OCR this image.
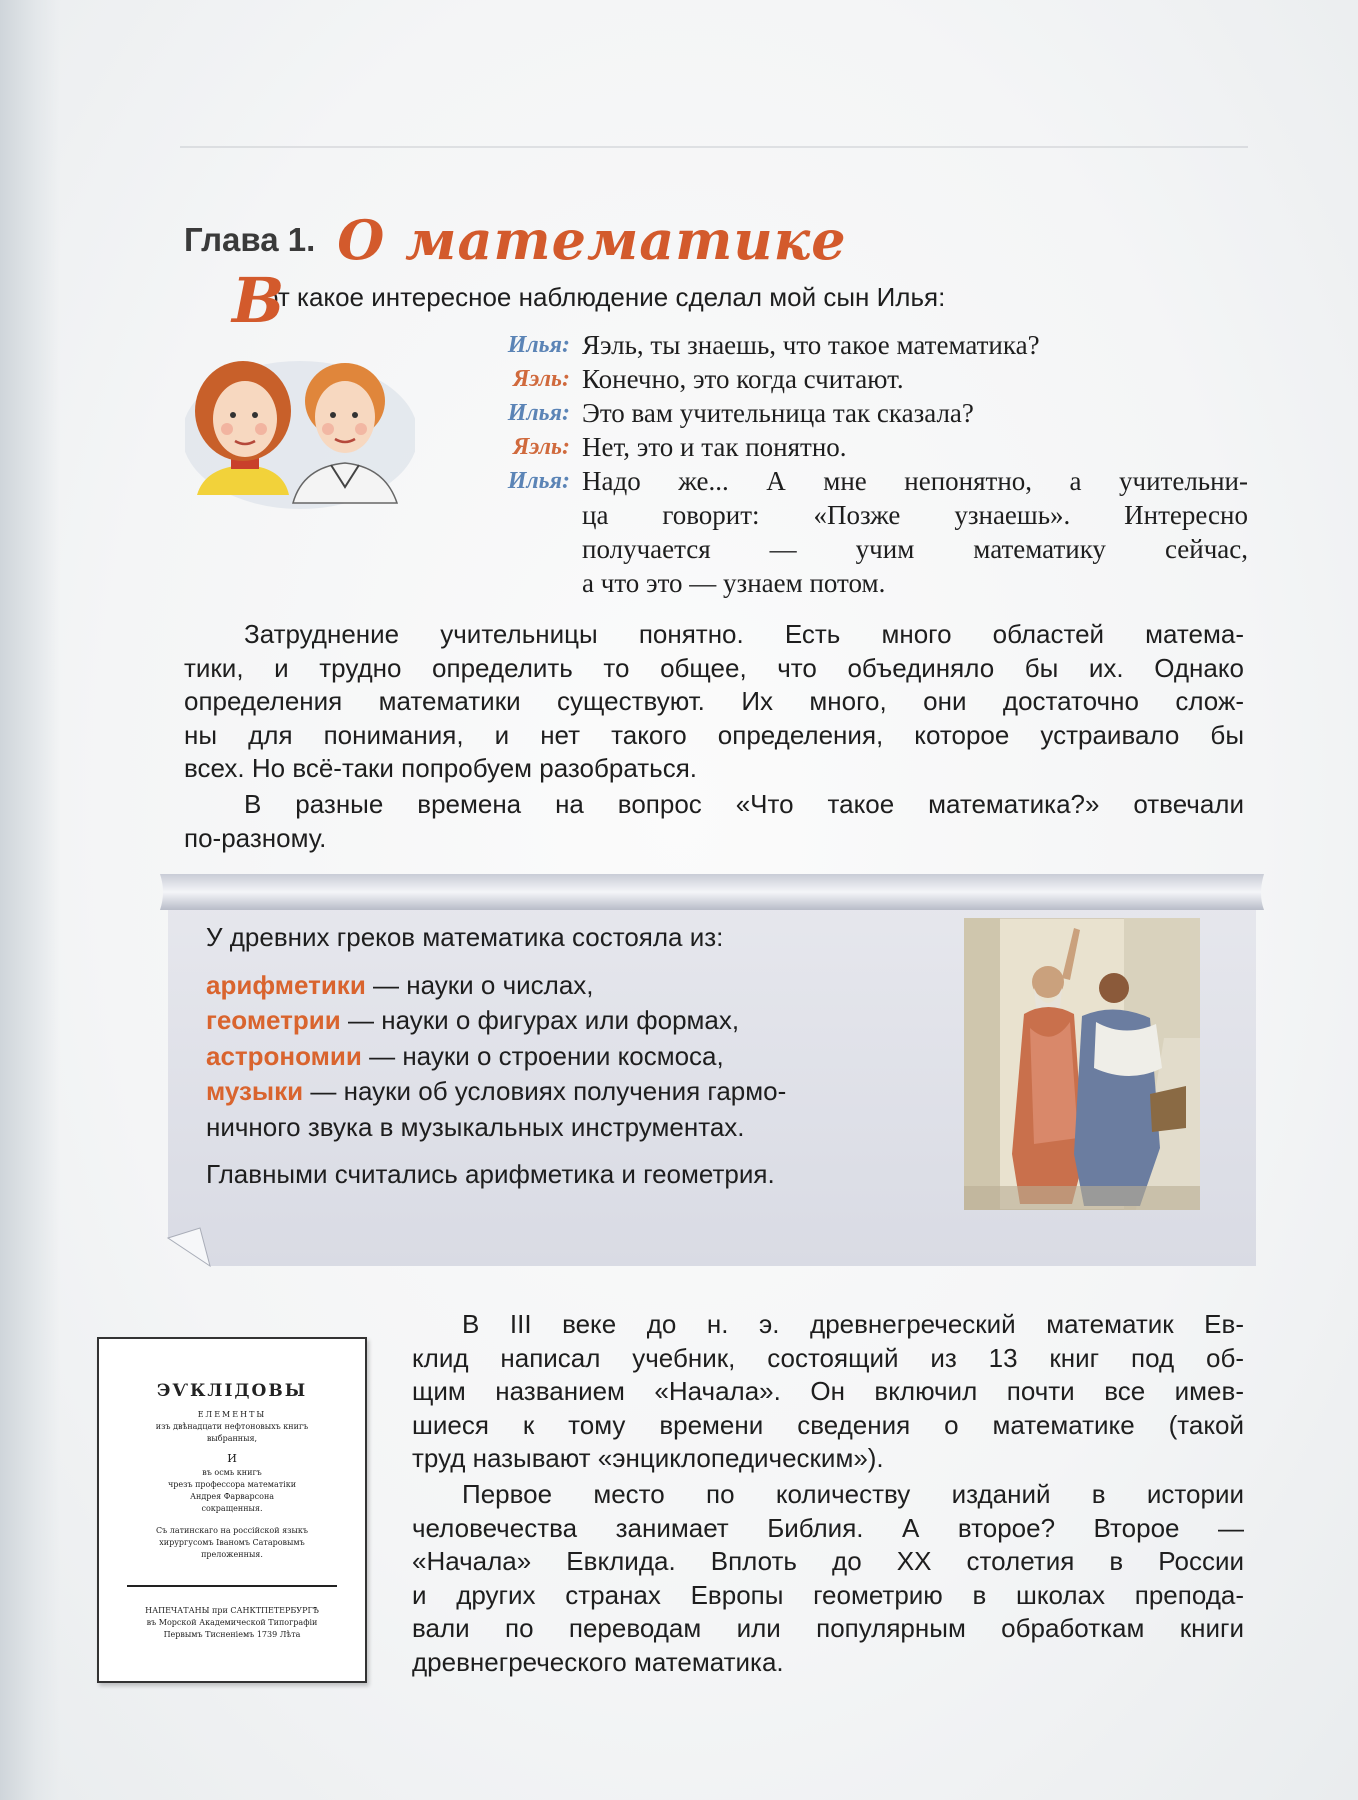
Глава 1. О математике
В
от какое интересное наблюдение сделал мой сын Илья:
Илья: Яэль, ты знаешь, что такое математика?
Яэль: Конечно, это когда считают.
Илья: Это вам учительница так сказала?
Яэль: Нет, это и так понятно.
Илья: Надо же... А мне непонятно, а учительни-
ца говорит: «Позже узнаешь». Интересно
получается — учим математику сейчас,
а что это — узнаем потом.
Затруднение учительницы понятно. Есть много областей матема-
тики, и трудно определить то общее, что объединяло бы их. Однако
определения математики существуют. Их много, они достаточно слож-
ны для понимания, и нет такого определения, которое устраивало бы
всех. Но всё-таки попробуем разобраться.
В разные времена на вопрос «Что такое математика?» отвечали
по-разному.
У древних греков математика состояла из:
арифметики — науки о числах,
геометрии — науки о фигурах или формах,
астрономии — науки о строении космоса,
музыки — науки об условиях получения гармо-
ничного звука в музыкальных инструментах.
Главными считались арифметика и геометрия.
ЭѴКЛIДОВЫ
ЕЛЕМЕНТЫ
изъ двѣнадцати нефтоновыхъ книгъ
выбранныя,
И
въ осмь книгъ
чрезъ профессора математiки
Андрея Фарварсона
сокращенныя.
Съ латинскаго на россiйской языкъ
хирургусомъ Iваномъ Сатаровымъ
преложенныя.
НАПЕЧАТАНЫ при САНКТПЕТЕРБУРГѢ
въ Морской Академической Типографiи
Первымъ Тисненiемъ 1739 Лѣта
В III веке до н. э. древнегреческий математик Ев-
клид написал учебник, состоящий из 13 книг под об-
щим названием «Начала». Он включил почти все имев-
шиеся к тому времени сведения о математике (такой
труд называют «энциклопедическим»).
Первое место по количеству изданий в истории
человечества занимает Библия. А второе? Второе —
«Начала» Евклида. Вплоть до XX столетия в России
и других странах Европы геометрию в школах препода-
вали по переводам или популярным обработкам книги
древнегреческого математика.
